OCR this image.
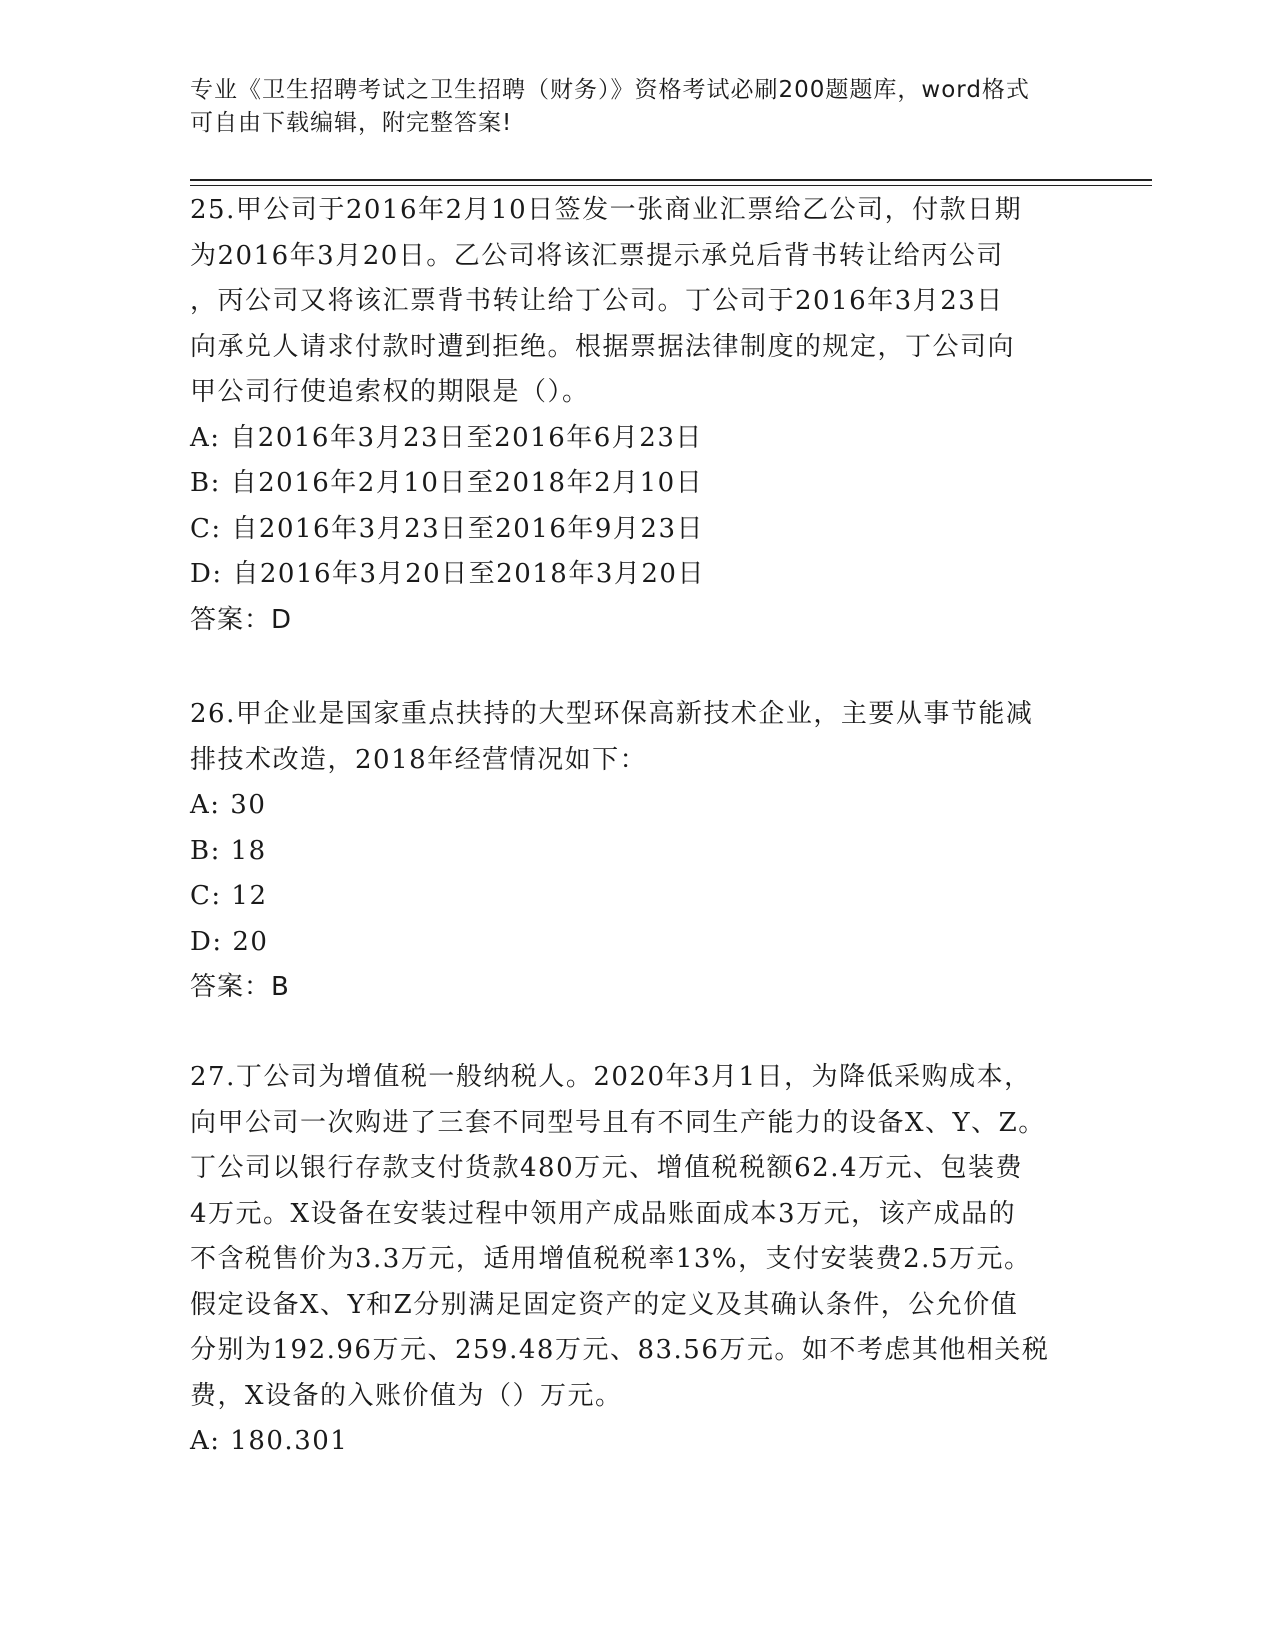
专业《卫生招聘考试之卫生招聘（财务）》资格考试必刷200题题库，word格式
可自由下载编辑，附完整答案!
25.甲公司于2016年2月10日签发一张商业汇票给乙公司，付款日期
为2016年3月20日。乙公司将该汇票提示承兑后背书转让给丙公司
，丙公司又将该汇票背书转让给丁公司。丁公司于2016年3月23日
向承兑人请求付款时遭到拒绝。根据票据法律制度的规定，丁公司向
甲公司行使追索权的期限是（）。
A: 自2016年3月23日至2016年6月23日
B: 自2016年2月10日至2018年2月10日
C: 自2016年3月23日至2016年9月23日
D: 自2016年3月20日至2018年3月20日
答案：D
26.甲企业是国家重点扶持的大型环保高新技术企业，主要从事节能减
排技术改造，2018年经营情况如下：
A: 30
B: 18
C: 12
D: 20
答案：B
27.丁公司为增值税一般纳税人。2020年3月1日，为降低采购成本，
向甲公司一次购进了三套不同型号且有不同生产能力的设备X、Y、Z。
丁公司以银行存款支付货款480万元、增值税税额62.4万元、包装费
4万元。X设备在安装过程中领用产成品账面成本3万元，该产成品的
不含税售价为3.3万元，适用增值税税率13%，支付安装费2.5万元。
假定设备X、Y和Z分别满足固定资产的定义及其确认条件，公允价值
分别为192.96万元、259.48万元、83.56万元。如不考虑其他相关税
费，X设备的入账价值为（）万元。
A: 180.301
